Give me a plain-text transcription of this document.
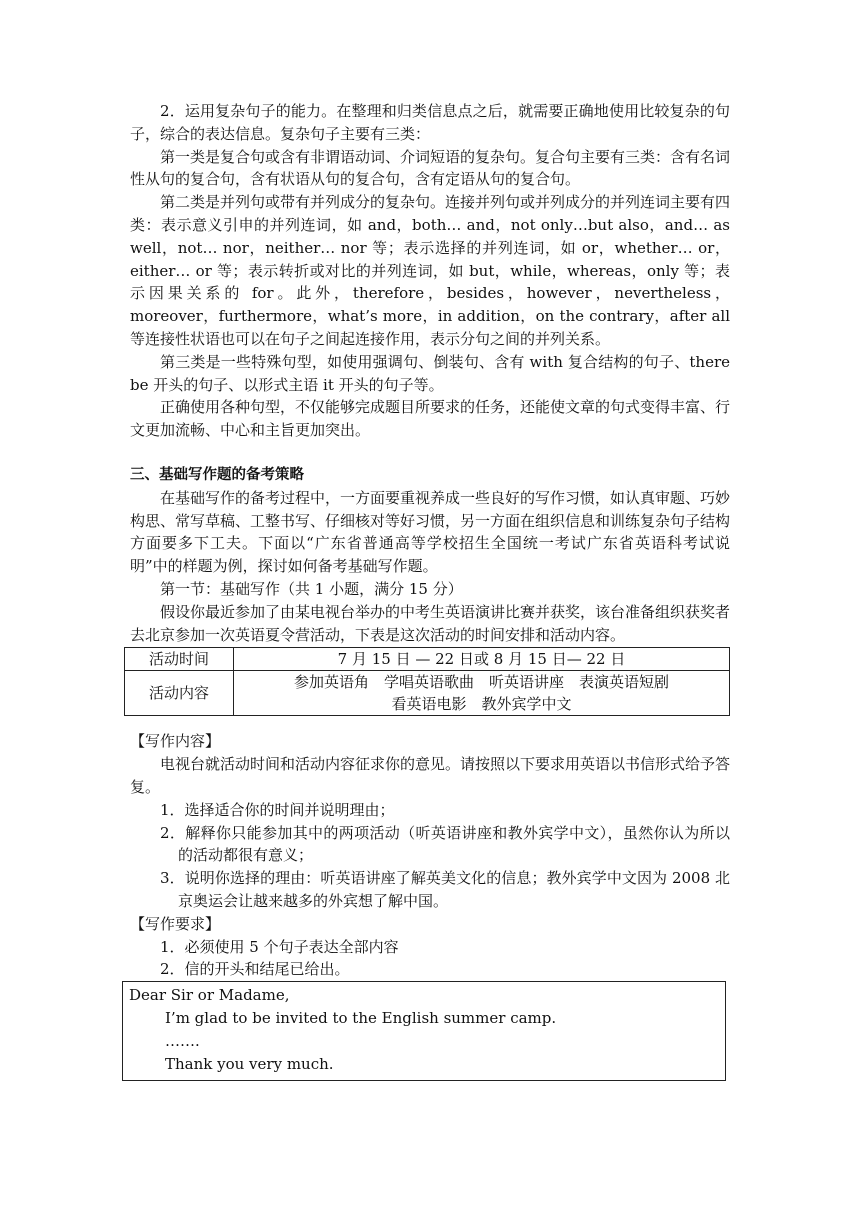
2．运用复杂句子的能力。在整理和归类信息点之后，就需要正确地使用比较复杂的句子，综合的表达信息。复杂句子主要有三类：

第一类是复合句或含有非谓语动词、介词短语的复杂句。复合句主要有三类：含有名词性从句的复合句，含有状语从句的复合句，含有定语从句的复合句。

第二类是并列句或带有并列成分的复杂句。连接并列句或并列成分的并列连词主要有四类：表示意义引申的并列连词，如 and，both… and，not only…but also，and… as well，not… nor，neither… nor 等；表示选择的并列连词，如 or，whether… or，either… or 等；表示转折或对比的并列连词，如 but，while，whereas，only 等；表示因果关系的 for。此外，therefore，besides，however，nevertheless，moreover，furthermore，what’s more，in addition，on the contrary，after all 等连接性状语也可以在句子之间起连接作用，表示分句之间的并列关系。

第三类是一些特殊句型，如使用强调句、倒装句、含有 with 复合结构的句子、there be 开头的句子、以形式主语 it 开头的句子等。

正确使用各种句型，不仅能够完成题目所要求的任务，还能使文章的句式变得丰富、行文更加流畅、中心和主旨更加突出。

三、基础写作题的备考策略

在基础写作的备考过程中，一方面要重视养成一些良好的写作习惯，如认真审题、巧妙构思、常写草稿、工整书写、仔细核对等好习惯，另一方面在组织信息和训练复杂句子结构方面要多下工夫。下面以“广东省普通高等学校招生全国统一考试广东省英语科考试说明”中的样题为例，探讨如何备考基础写作题。

第一节：基础写作（共 1 小题，满分 15 分）

假设你最近参加了由某电视台举办的中考生英语演讲比赛并获奖，该台准备组织获奖者去北京参加一次英语夏令营活动，下表是这次活动的时间安排和活动内容。

活动时间	7 月 15 日 — 22 日或 8 月 15 日— 22 日
活动内容	参加英语角　学唱英语歌曲　听英语讲座　表演英语短剧
看英语电影　教外宾学中文

【写作内容】

电视台就活动时间和活动内容征求你的意见。请按照以下要求用英语以书信形式给予答复。

1．选择适合你的时间并说明理由；

2．解释你只能参加其中的两项活动（听英语讲座和教外宾学中文），虽然你认为所以的活动都很有意义；

3．说明你选择的理由：听英语讲座了解英美文化的信息；教外宾学中文因为 2008 北京奥运会让越来越多的外宾想了解中国。

【写作要求】

1．必须使用 5 个句子表达全部内容

2．信的开头和结尾已给出。

Dear Sir or Madame,
I’m glad to be invited to the English summer camp.
…….
Thank you very much.
